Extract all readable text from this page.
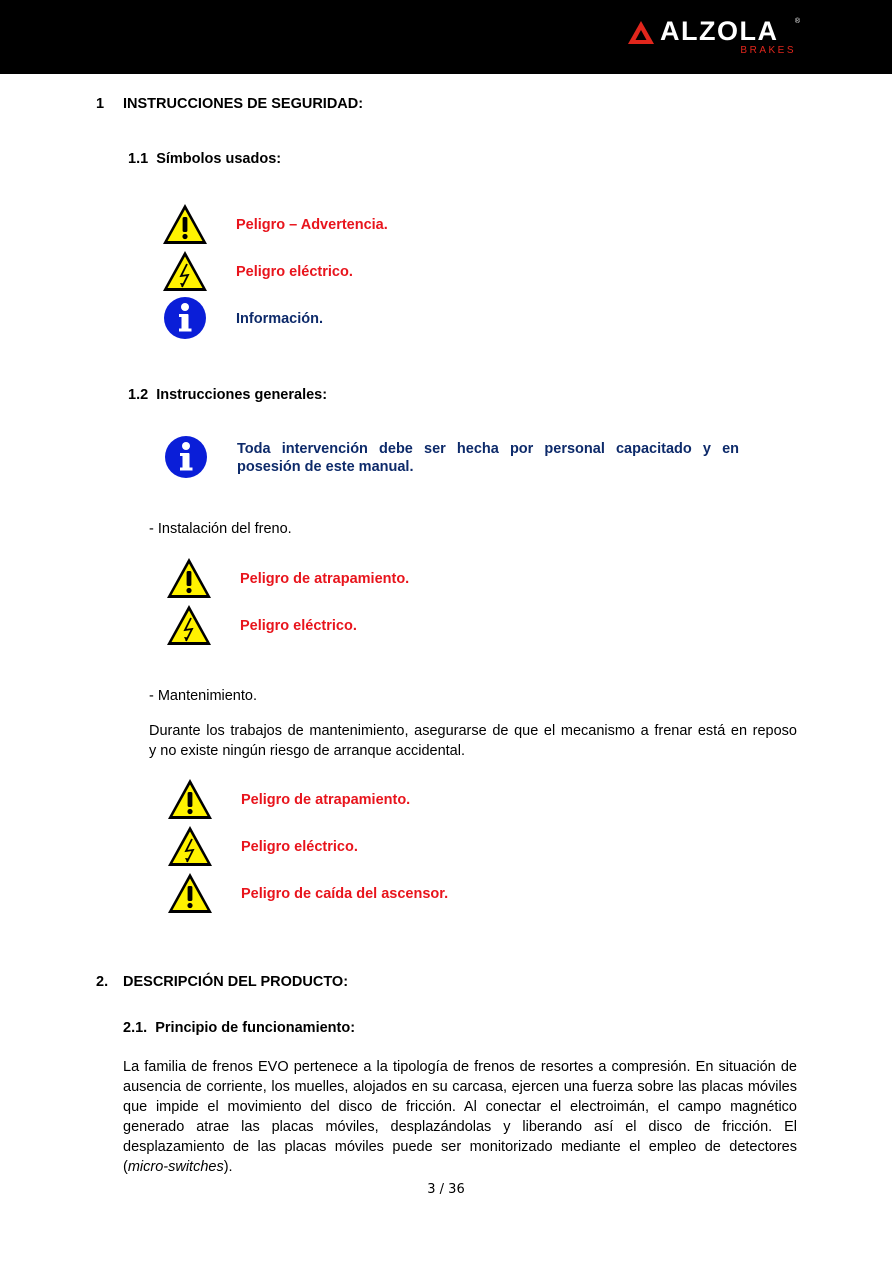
ALZOLA ®
BRAKES
1 INSTRUCCIONES DE SEGURIDAD:
1.1  Símbolos usados:
Peligro – Advertencia.
Peligro eléctrico.
Información.
1.2  Instrucciones generales:
Toda intervención debe ser hecha por personal capacitado y en
posesión de este manual.
- Instalación del freno.
Peligro de atrapamiento.
Peligro eléctrico.
- Mantenimiento.
Durante los trabajos de mantenimiento, asegurarse de que el mecanismo a frenar está en reposo
y no existe ningún riesgo de arranque accidental.
Peligro de atrapamiento.
Peligro eléctrico.
Peligro de caída del ascensor.
2. DESCRIPCIÓN DEL PRODUCTO:
2.1.  Principio de funcionamiento:
La familia de frenos EVO pertenece a la tipología de frenos de resortes a compresión. En situación de
ausencia de corriente, los muelles, alojados en su carcasa, ejercen una fuerza sobre las placas móviles
que impide el movimiento del disco de fricción. Al conectar el electroimán, el campo magnético
generado atrae las placas móviles, desplazándolas y liberando así el disco de fricción. El
desplazamiento de las placas móviles puede ser monitorizado mediante el empleo de detectores
(micro-switches).
3 / 36
